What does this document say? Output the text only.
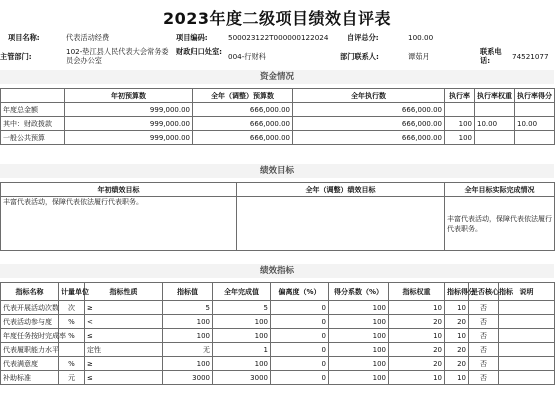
2023年度二级项目绩效自评表
项目名称:	代表活动经费	项目编码:	500023122T000000122024	自评总分:	100.00
主管部门:
102-垫江县人民代表大会常务委员会办公室
财政归口处室:
004-行财科	部门联系人:	谭茹月
联系电话:	74521077
资金情况
	年初预算数	全年（调整）预算数	全年执行数	执行率	执行率权重	执行率得分
年度总金额	999,000.00	666,000.00	666,000.00			
其中：财政拨款	999,000.00	666,000.00	666,000.00	100	10.00	10.00
一般公共预算	999,000.00	666,000.00	666,000.00	100		
绩效目标
年初绩效目标	全年（调整）绩效目标	全年目标实际完成情况
丰富代表活动，保障代表依法履行代表职务。		丰富代表活动，保障代表依法履行代表职务。
绩效指标
指标名称	计量单位	指标性质	指标值	全年完成值	偏离度（%）	得分系数（%）	指标权重	指标得分	是否核心指标	说明
代表开展活动次数	次	≥	5	5	0	100	10	10	否	
代表活动参与度	%	<	100	100	0	100	20	20	否	
年度任务按时完成率	%	≤	100	100	0	100	10	10	否	
代表履职能力水平		定性	无	1	0	100	20	20	否	
代表满意度	%	≥	100	100	0	100	20	20	否	
补助标准	元	≤	3000	3000	0	100	10	10	否	
